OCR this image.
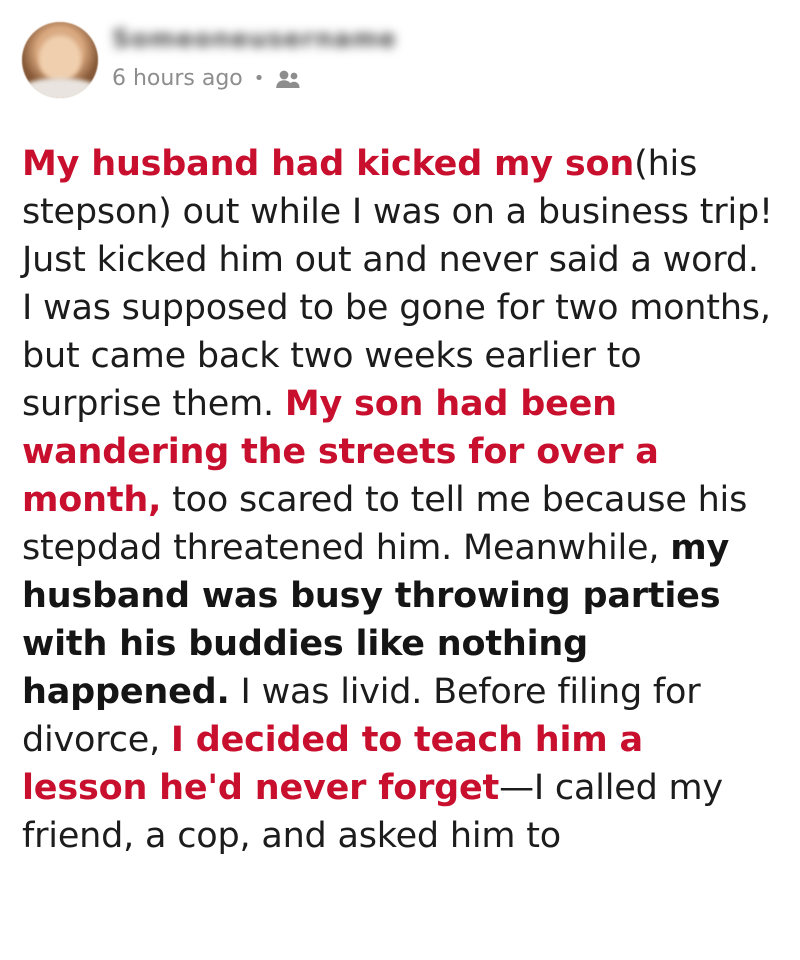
Someoneusername
6 hours ago •
My husband had kicked my son(his stepson) out while I was on a business trip! Just kicked him out and never said a word. I was supposed to be gone for two months, but came back two weeks earlier to surprise them. My son had been wandering the streets for over a month, too scared to tell me because his stepdad threatened him. Meanwhile, my husband was busy throwing parties with his buddies like nothing happened. I was livid. Before filing for divorce, I decided to teach him a lesson he'd never forget—I called my friend, a cop, and asked him to
